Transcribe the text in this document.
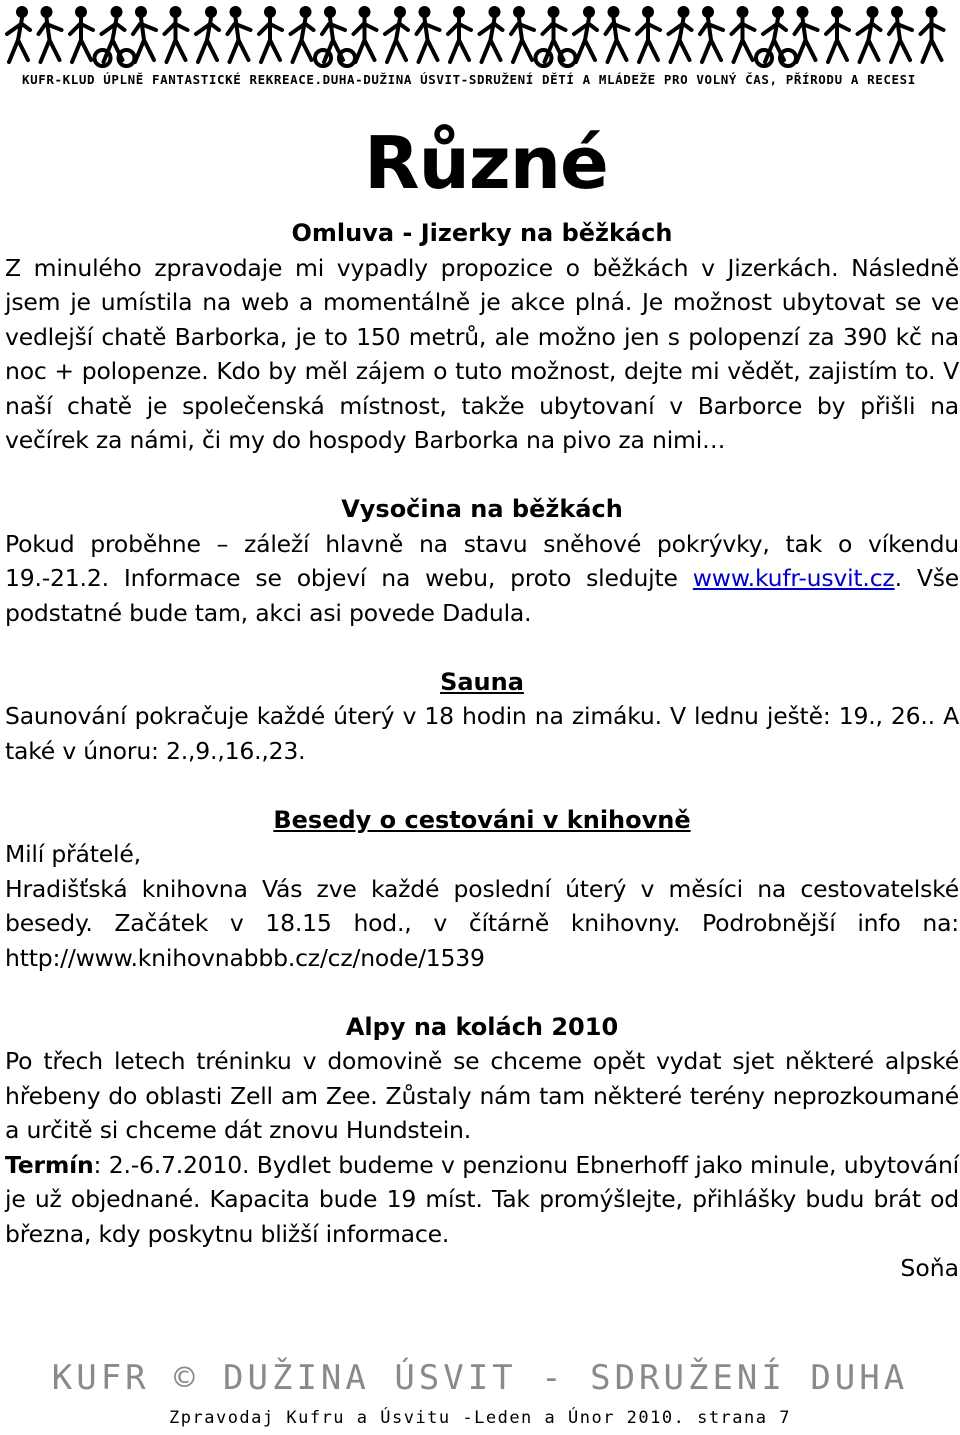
KUFR-KLUD ÚPLNĚ FANTASTICKÉ REKREACE.DUHA-DUŽINA ÚSVIT-SDRUŽENÍ DĚTÍ A MLÁDEŽE PRO VOLNÝ ČAS, PŘÍRODU A RECESI
Různé

Omluva - Jizerky na běžkách

Z minulého zpravodaje mi vypadly propozice o běžkách v Jizerkách. Následně jsem je umístila na web a momentálně je akce plná. Je možnost ubytovat se ve vedlejší chatě Barborka, je to 150 metrů, ale možno jen s polopenzí za 390 kč na noc + polopenze. Kdo by měl zájem o tuto možnost, dejte mi vědět, zajistím to. V naší chatě je společenská místnost, takže ubytovaní v Barborce by přišli na večírek za námi, či my do hospody Barborka na pivo za nimi…

Vysočina na běžkách

Pokud proběhne – záleží hlavně na stavu sněhové pokrývky, tak o víkendu 19.-21.2. Informace se objeví na webu, proto sledujte www.kufr-usvit.cz. Vše podstatné bude tam, akci asi povede Dadula.

Sauna

Saunování pokračuje každé úterý v 18 hodin na zimáku. V lednu ještě: 19., 26.. A také v únoru: 2.,9.,16.,23.

Besedy o cestováni v knihovně

Milí přátelé,

Hradišťská knihovna Vás zve každé poslední úterý v měsíci na cestovatelské besedy. Začátek v 18.15 hod., v čítárně knihovny. Podrobnější info na: http://www.knihovnabbb.cz/cz/node/1539

Alpy na kolách 2010

Po třech letech tréninku v domovině se chceme opět vydat sjet některé alpské hřebeny do oblasti Zell am Zee. Zůstaly nám tam některé terény neprozkoumané a určitě si chceme dát znovu Hundstein.

Termín: 2.-6.7.2010. Bydlet budeme v penzionu Ebnerhoff jako minule, ubytování je už objednané. Kapacita bude 19 míst. Tak promýšlejte, přihlášky budu brát od března, kdy poskytnu bližší informace.

Soňa

KUFR © DUŽINA ÚSVIT - SDRUŽENÍ DUHA
Zpravodaj Kufru a Úsvitu -Leden a Únor 2010. strana 7
